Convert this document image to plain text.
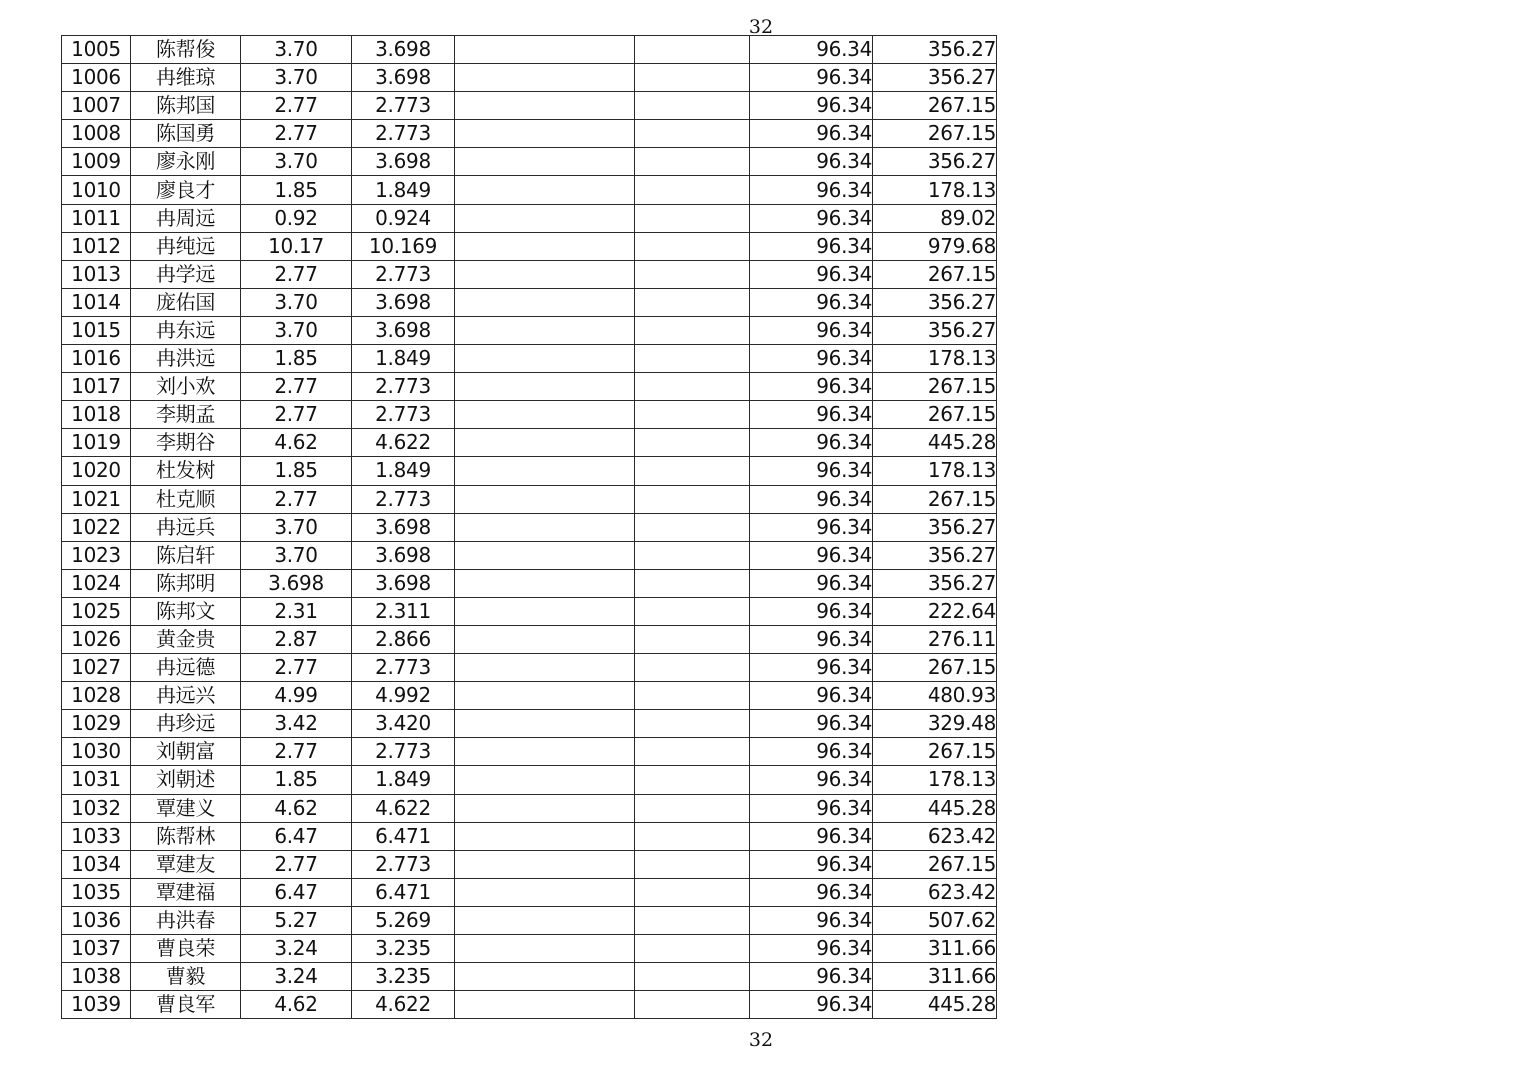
32
1005	陈帮俊	3.70	3.698			96.34	356.27
1006	冉维琼	3.70	3.698			96.34	356.27
1007	陈邦国	2.77	2.773			96.34	267.15
1008	陈国勇	2.77	2.773			96.34	267.15
1009	廖永刚	3.70	3.698			96.34	356.27
1010	廖良才	1.85	1.849			96.34	178.13
1011	冉周远	0.92	0.924			96.34	89.02
1012	冉纯远	10.17	10.169			96.34	979.68
1013	冉学远	2.77	2.773			96.34	267.15
1014	庞佑国	3.70	3.698			96.34	356.27
1015	冉东远	3.70	3.698			96.34	356.27
1016	冉洪远	1.85	1.849			96.34	178.13
1017	刘小欢	2.77	2.773			96.34	267.15
1018	李期孟	2.77	2.773			96.34	267.15
1019	李期谷	4.62	4.622			96.34	445.28
1020	杜发树	1.85	1.849			96.34	178.13
1021	杜克顺	2.77	2.773			96.34	267.15
1022	冉远兵	3.70	3.698			96.34	356.27
1023	陈启轩	3.70	3.698			96.34	356.27
1024	陈邦明	3.698	3.698			96.34	356.27
1025	陈邦文	2.31	2.311			96.34	222.64
1026	黄金贵	2.87	2.866			96.34	276.11
1027	冉远德	2.77	2.773			96.34	267.15
1028	冉远兴	4.99	4.992			96.34	480.93
1029	冉珍远	3.42	3.420			96.34	329.48
1030	刘朝富	2.77	2.773			96.34	267.15
1031	刘朝述	1.85	1.849			96.34	178.13
1032	覃建义	4.62	4.622			96.34	445.28
1033	陈帮林	6.47	6.471			96.34	623.42
1034	覃建友	2.77	2.773			96.34	267.15
1035	覃建福	6.47	6.471			96.34	623.42
1036	冉洪春	5.27	5.269			96.34	507.62
1037	曹良荣	3.24	3.235			96.34	311.66
1038	曹毅	3.24	3.235			96.34	311.66
1039	曹良军	4.62	4.622			96.34	445.28
32
